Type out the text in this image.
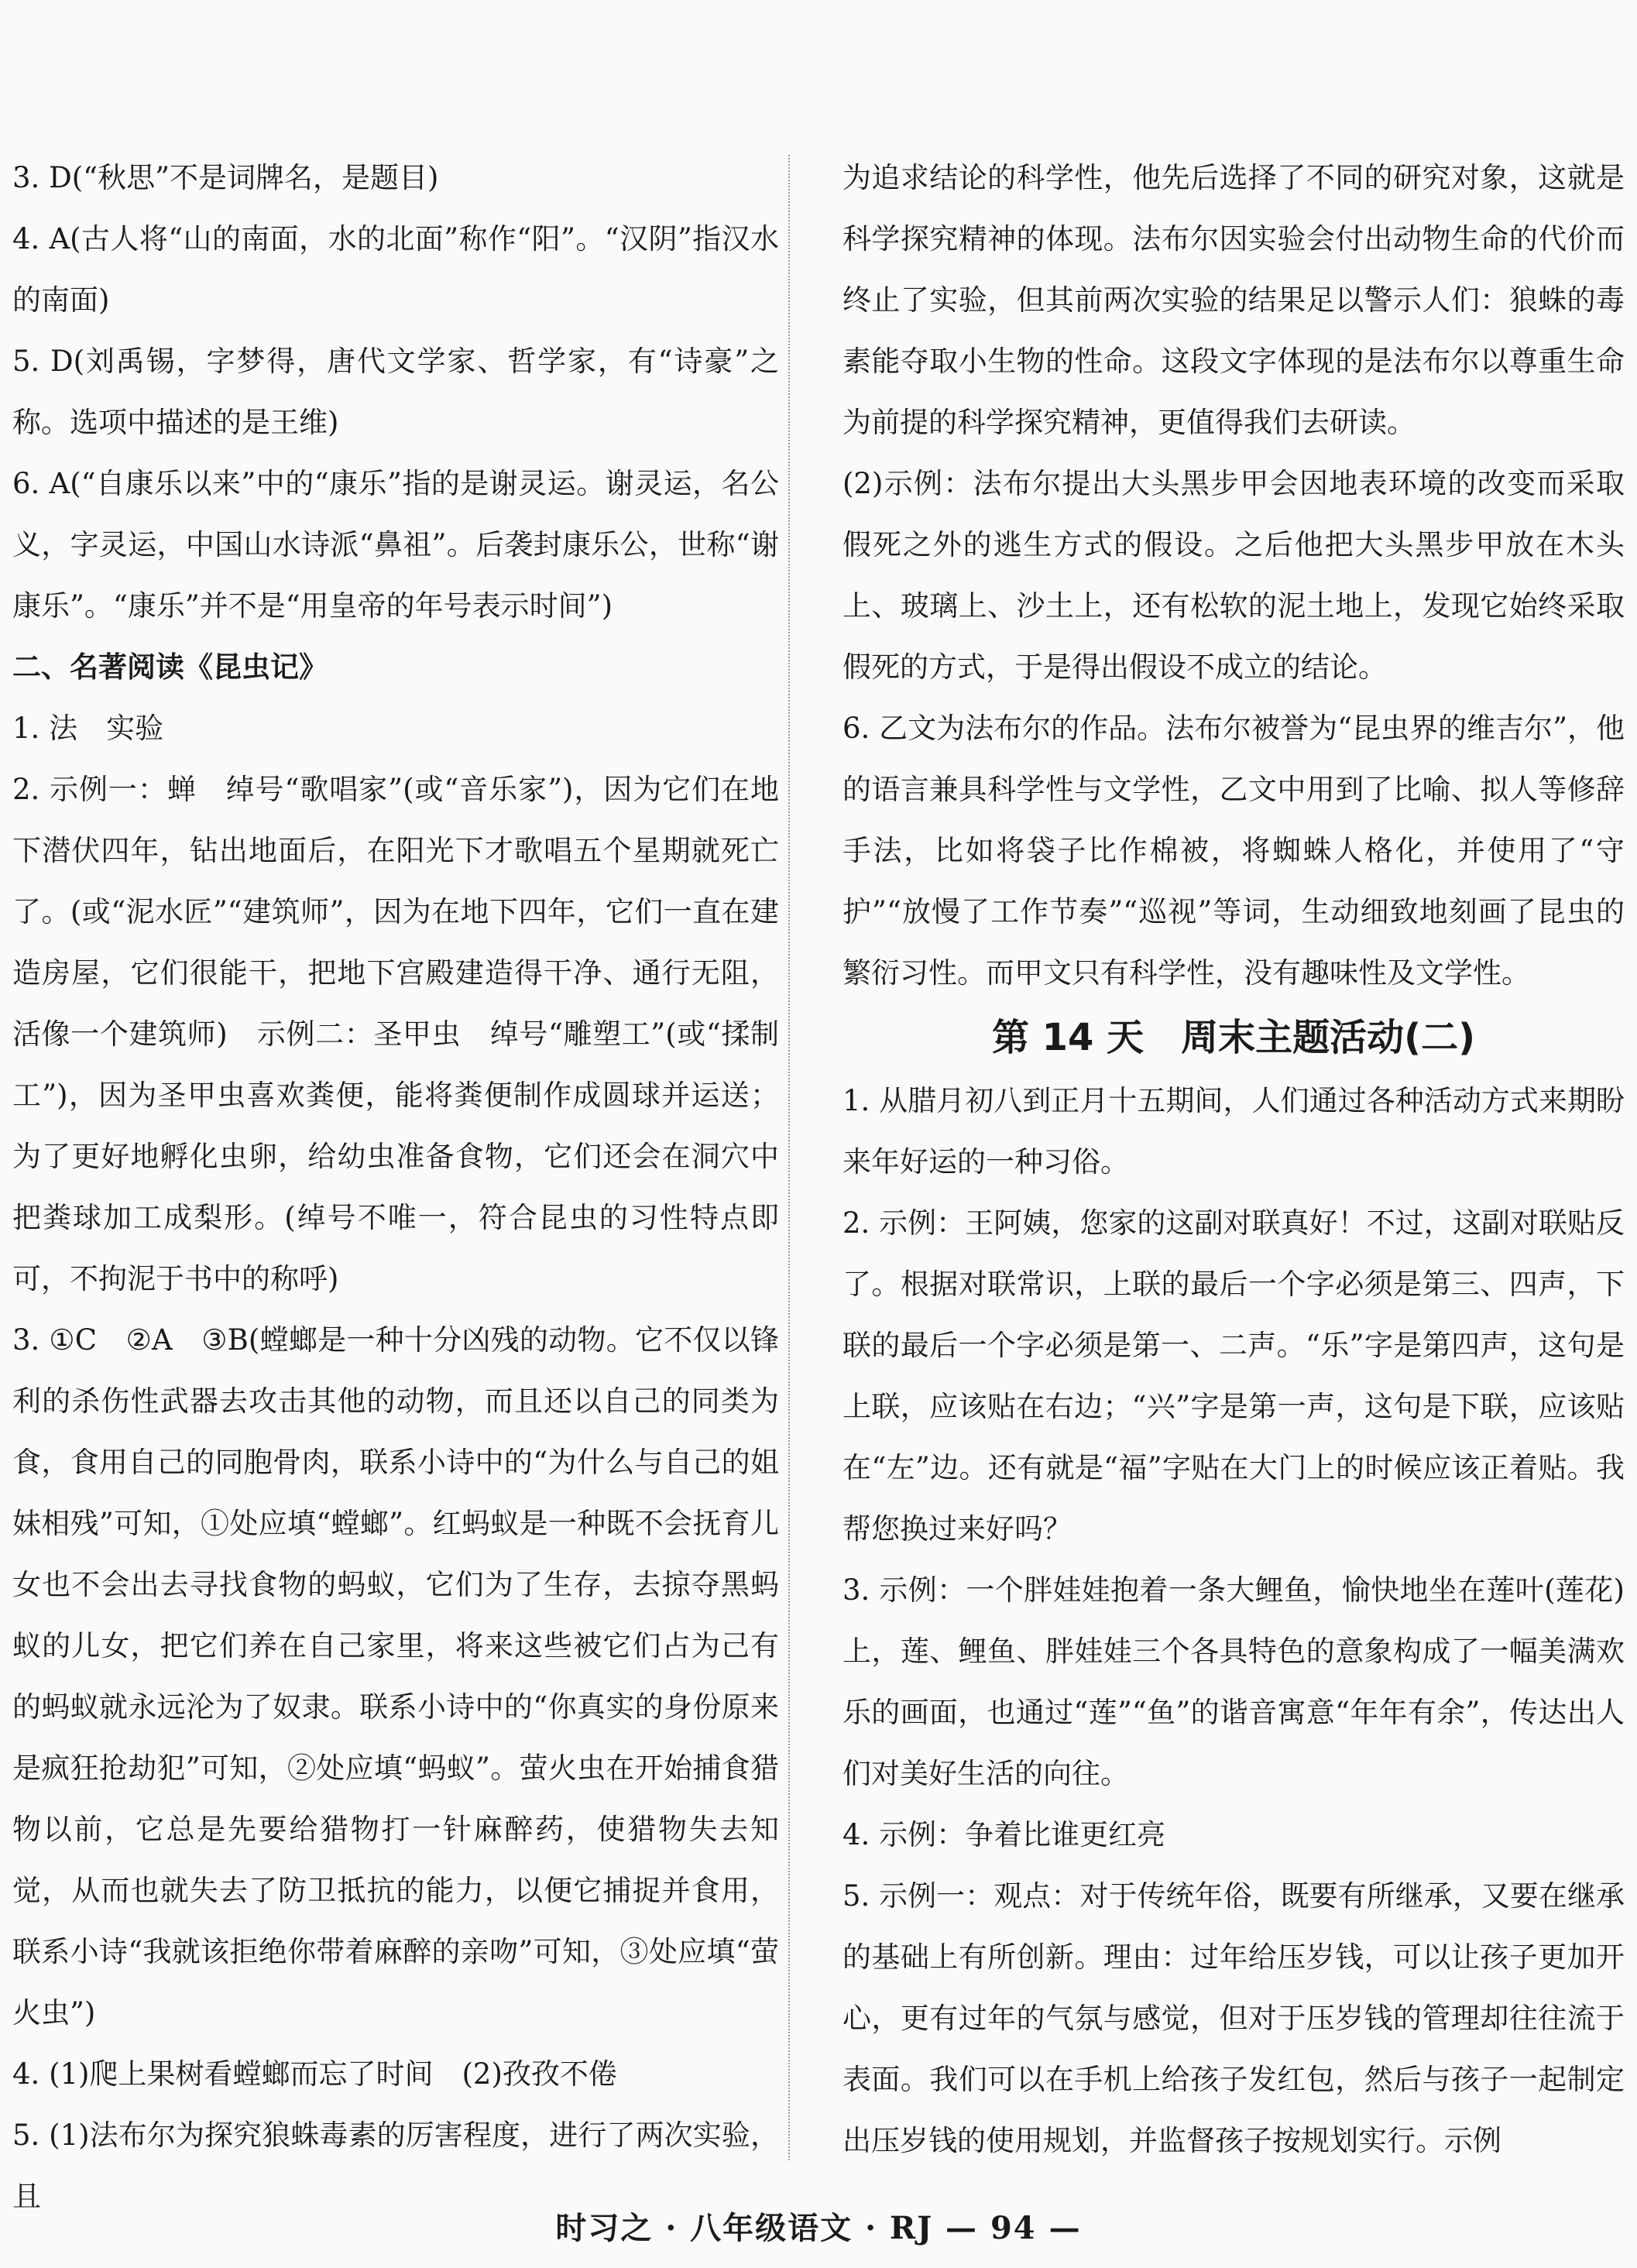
3. D(“秋思”不是词牌名，是题目)
4. A(古人将“山的南面，水的北面”称作“阳”。“汉阴”指汉水的南面)
5. D(刘禹锡，字梦得，唐代文学家、哲学家，有“诗豪”之称。选项中描述的是王维)
6. A(“自康乐以来”中的“康乐”指的是谢灵运。谢灵运，名公义，字灵运，中国山水诗派“鼻祖”。后袭封康乐公，世称“谢康乐”。“康乐”并不是“用皇帝的年号表示时间”)
二、名著阅读《昆虫记》
1. 法　实验
2. 示例一：蝉　绰号“歌唱家”(或“音乐家”)，因为它们在地下潜伏四年，钻出地面后，在阳光下才歌唱五个星期就死亡了。(或“泥水匠”“建筑师”，因为在地下四年，它们一直在建造房屋，它们很能干，把地下宫殿建造得干净、通行无阻，活像一个建筑师)　示例二：圣甲虫　绰号“雕塑工”(或“揉制工”)，因为圣甲虫喜欢粪便，能将粪便制作成圆球并运送；为了更好地孵化虫卵，给幼虫准备食物，它们还会在洞穴中把粪球加工成梨形。(绰号不唯一，符合昆虫的习性特点即可，不拘泥于书中的称呼)
3. ①C　②A　③B(螳螂是一种十分凶残的动物。它不仅以锋利的杀伤性武器去攻击其他的动物，而且还以自己的同类为食，食用自己的同胞骨肉，联系小诗中的“为什么与自己的姐妹相残”可知，①处应填“螳螂”。红蚂蚁是一种既不会抚育儿女也不会出去寻找食物的蚂蚁，它们为了生存，去掠夺黑蚂蚁的儿女，把它们养在自己家里，将来这些被它们占为己有的蚂蚁就永远沦为了奴隶。联系小诗中的“你真实的身份原来是疯狂抢劫犯”可知，②处应填“蚂蚁”。萤火虫在开始捕食猎物以前，它总是先要给猎物打一针麻醉药，使猎物失去知觉，从而也就失去了防卫抵抗的能力，以便它捕捉并食用，联系小诗“我就该拒绝你带着麻醉的亲吻”可知，③处应填“萤火虫”)
4. (1)爬上果树看螳螂而忘了时间　(2)孜孜不倦
5. (1)法布尔为探究狼蛛毒素的厉害程度，进行了两次实验，且
为追求结论的科学性，他先后选择了不同的研究对象，这就是科学探究精神的体现。法布尔因实验会付出动物生命的代价而终止了实验，但其前两次实验的结果足以警示人们：狼蛛的毒素能夺取小生物的性命。这段文字体现的是法布尔以尊重生命为前提的科学探究精神，更值得我们去研读。
(2)示例：法布尔提出大头黑步甲会因地表环境的改变而采取假死之外的逃生方式的假设。之后他把大头黑步甲放在木头上、玻璃上、沙土上，还有松软的泥土地上，发现它始终采取假死的方式，于是得出假设不成立的结论。
6. 乙文为法布尔的作品。法布尔被誉为“昆虫界的维吉尔”，他的语言兼具科学性与文学性，乙文中用到了比喻、拟人等修辞手法，比如将袋子比作棉被，将蜘蛛人格化，并使用了“守护”“放慢了工作节奏”“巡视”等词，生动细致地刻画了昆虫的繁衍习性。而甲文只有科学性，没有趣味性及文学性。
第 14 天　周末主题活动(二)
1. 从腊月初八到正月十五期间，人们通过各种活动方式来期盼来年好运的一种习俗。
2. 示例：王阿姨，您家的这副对联真好！不过，这副对联贴反了。根据对联常识，上联的最后一个字必须是第三、四声，下联的最后一个字必须是第一、二声。“乐”字是第四声，这句是上联，应该贴在右边；“兴”字是第一声，这句是下联，应该贴在“左”边。还有就是“福”字贴在大门上的时候应该正着贴。我帮您换过来好吗？
3. 示例：一个胖娃娃抱着一条大鲤鱼，愉快地坐在莲叶(莲花)上，莲、鲤鱼、胖娃娃三个各具特色的意象构成了一幅美满欢乐的画面，也通过“莲”“鱼”的谐音寓意“年年有余”，传达出人们对美好生活的向往。
4. 示例：争着比谁更红亮
5. 示例一：观点：对于传统年俗，既要有所继承，又要在继承的基础上有所创新。理由：过年给压岁钱，可以让孩子更加开心，更有过年的气氛与感觉，但对于压岁钱的管理却往往流于表面。我们可以在手机上给孩子发红包，然后与孩子一起制定出压岁钱的使用规划，并监督孩子按规划实行。示例
时习之 · 八年级语文 · RJ — 94 —
